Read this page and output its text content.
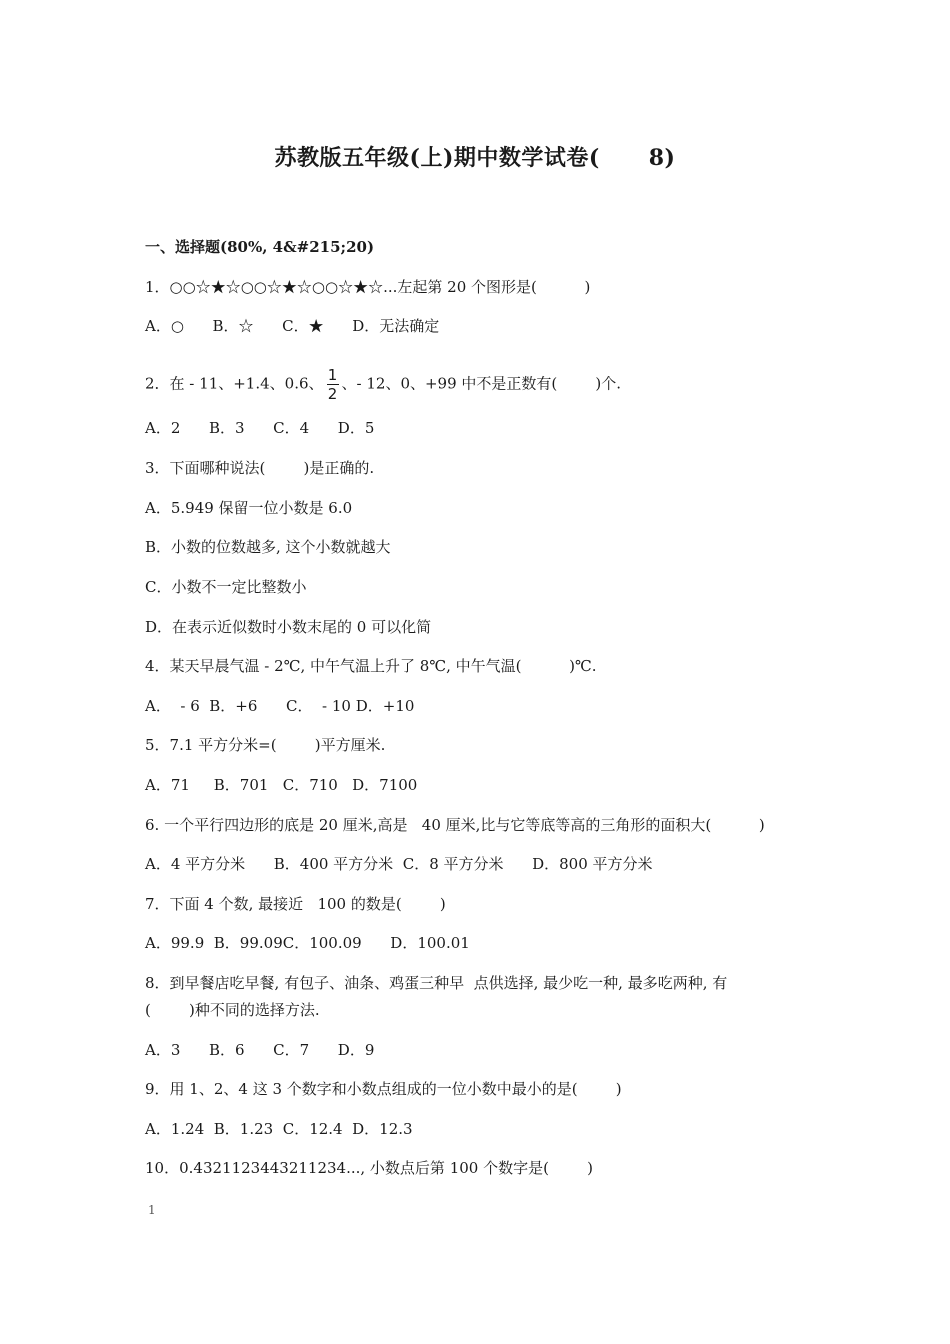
苏教版五年级(上)期中数学试卷(      8)
一、选择题(80%, 4&#215;20)
1．○○☆★☆○○☆★☆○○☆★☆...左起第 20 个图形是(          )
A．○      B．☆      C．★      D．无法确定
2．在 - 11、+1.4、0.6、 $\frac{1}{2}$ 、- 12、0、+99 中不是正数有(        )个.
A．2      B．3      C．4      D．5
3．下面哪种说法(        )是正确的.
A．5.949 保留一位小数是 6.0
B．小数的位数越多, 这个小数就越大
C．小数不一定比整数小
D．在表示近似数时小数末尾的 0 可以化简
4．某天早晨气温 - 2℃, 中午气温上升了 8℃, 中午气温(          )℃.
A．  - 6  B．+6      C．  - 10 D．+10
5．7.1 平方分米=(        )平方厘米.
A．71     B．701   C．710   D．7100
6. 一个平行四边形的底是 20 厘米,高是   40 厘米,比与它等底等高的三角形的面积大(          )
A．4 平方分米      B．400 平方分米  C．8 平方分米      D．800 平方分米
7．下面 4 个数, 最接近   100 的数是(        )
A．99.9  B．99.09C．100.09      D．100.01
8．到早餐店吃早餐, 有包子、油条、鸡蛋三种早  点供选择, 最少吃一种, 最多吃两种, 有
(        )种不同的选择方法.
A．3      B．6      C．7      D．9
9．用 1、2、4 这 3 个数字和小数点组成的一位小数中最小的是(        )
A．1.24  B．1.23  C．12.4  D．12.3
10．0.4321123443211234..., 小数点后第 100 个数字是(        )
1
